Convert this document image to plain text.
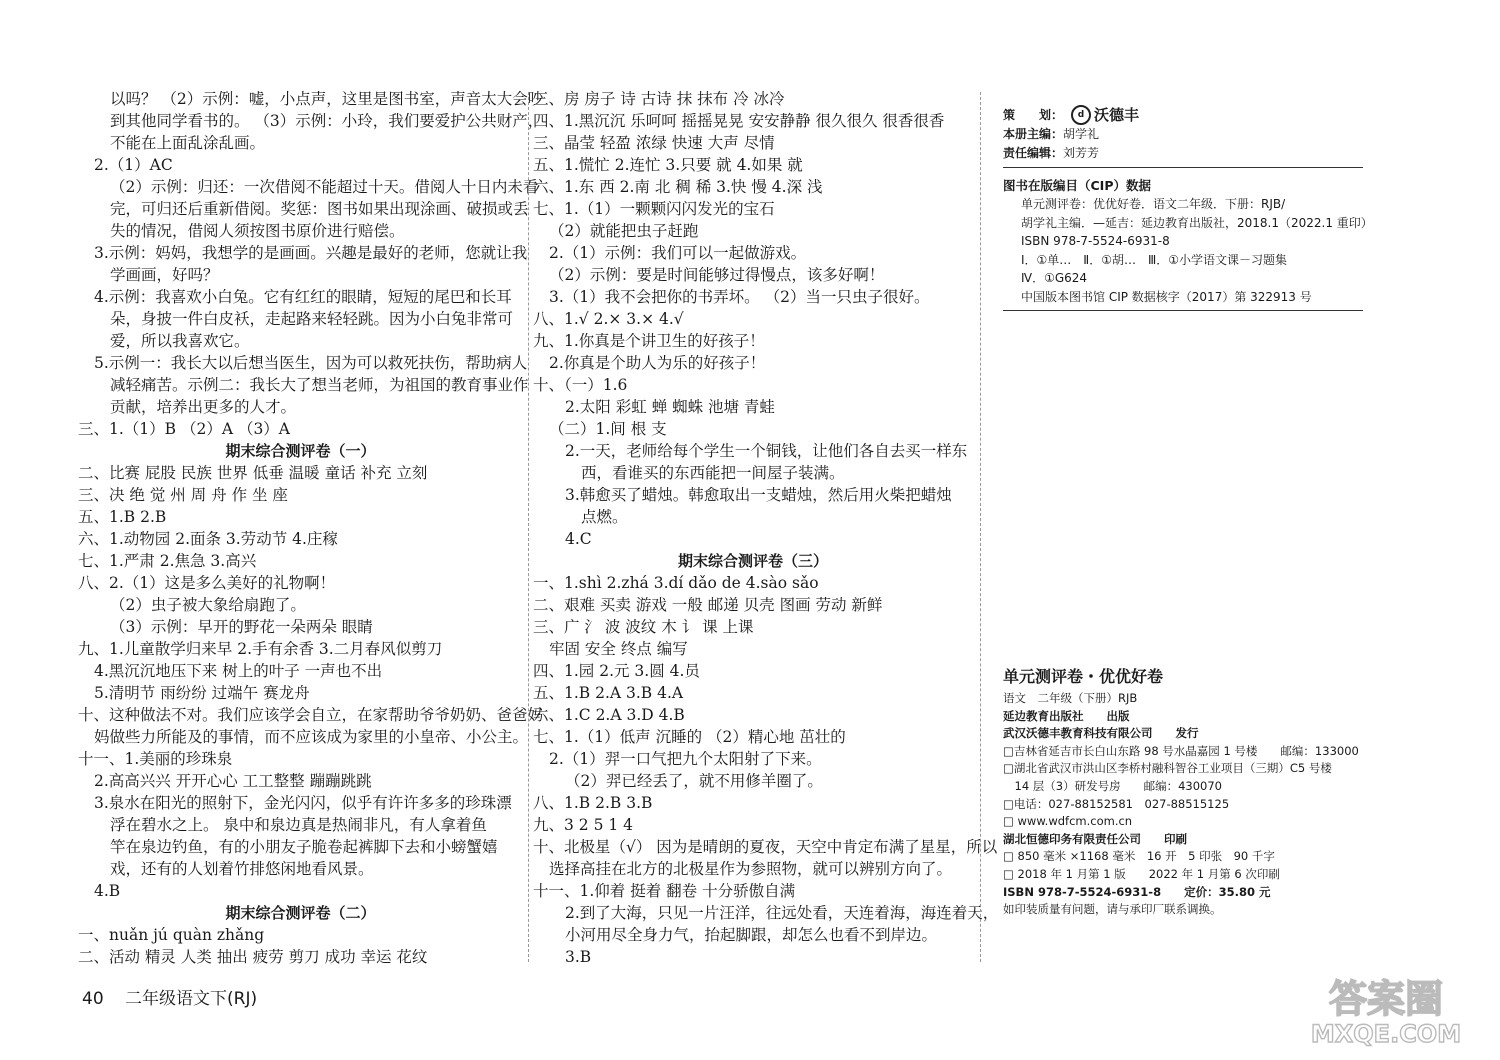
以吗？ （2）示例：嘘，小点声，这里是图书室，声音太大会吵
到其他同学看书的。 （3）示例：小玲，我们要爱护公共财产，
不能在上面乱涂乱画。
2.（1）AC
（2）示例：归还：一次借阅不能超过十天。借阅人十日内未看
完，可归还后重新借阅。奖惩：图书如果出现涂画、破损或丢
失的情况，借阅人须按图书原价进行赔偿。
3.示例：妈妈，我想学的是画画。兴趣是最好的老师，您就让我
学画画，好吗？
4.示例：我喜欢小白兔。它有红红的眼睛，短短的尾巴和长耳
朵，身披一件白皮袄，走起路来轻轻跳。因为小白兔非常可
爱，所以我喜欢它。
5.示例一：我长大以后想当医生，因为可以救死扶伤，帮助病人
减轻痛苦。示例二：我长大了想当老师，为祖国的教育事业作
贡献，培养出更多的人才。
三、1.（1）B （2）A （3）A
期末综合测评卷（一）
二、比赛 屁股 民族 世界 低垂 温暖 童话 补充 立刻
三、决 绝 觉 州 周 舟 作 坐 座
五、1.B 2.B
六、1.动物园 2.面条 3.劳动节 4.庄稼
七、1.严肃 2.焦急 3.高兴
八、2.（1）这是多么美好的礼物啊！
（2）虫子被大象给扇跑了。
（3）示例：早开的野花一朵两朵 眼睛
九、1.儿童散学归来早 2.手有余香 3.二月春风似剪刀
4.黑沉沉地压下来 树上的叶子 一声也不出
5.清明节 雨纷纷 过端午 赛龙舟
十、这种做法不对。我们应该学会自立，在家帮助爷爷奶奶、爸爸妈
妈做些力所能及的事情，而不应该成为家里的小皇帝、小公主。
十一、1.美丽的珍珠泉
2.高高兴兴 开开心心 工工整整 蹦蹦跳跳
3.泉水在阳光的照射下，金光闪闪，似乎有许许多多的珍珠漂
浮在碧水之上。 泉中和泉边真是热闹非凡，有人拿着鱼
竿在泉边钓鱼，有的小朋友子脆卷起裤脚下去和小螃蟹嬉
戏，还有的人划着竹排悠闲地看风景。
4.B
期末综合测评卷（二）
一、nuǎn jú quàn zhǎng
二、活动 精灵 人类 抽出 疲劳 剪刀 成功 幸运 花纹
三、房 房子 诗 古诗 抹 抹布 冷 冰冷
四、1.黑沉沉 乐呵呵 摇摇晃晃 安安静静 很久很久 很香很香
三、晶莹 轻盈 浓绿 快速 大声 尽情
五、1.慌忙 2.连忙 3.只要 就 4.如果 就
六、1.东 西 2.南 北 稠 稀 3.快 慢 4.深 浅
七、1.（1）一颗颗闪闪发光的宝石
（2）就能把虫子赶跑
2.（1）示例：我们可以一起做游戏。
（2）示例：要是时间能够过得慢点，该多好啊！
3.（1）我不会把你的书弄坏。 （2）当一只虫子很好。
八、1.√ 2.× 3.× 4.√
九、1.你真是个讲卫生的好孩子！
2.你真是个助人为乐的好孩子！
十、（一）1.6
2.太阳 彩虹 蝉 蜘蛛 池塘 青蛙
（二）1.间 根 支
2.一天，老师给每个学生一个铜钱，让他们各自去买一样东
西，看谁买的东西能把一间屋子装满。
3.韩愈买了蜡烛。韩愈取出一支蜡烛，然后用火柴把蜡烛
点燃。
4.C
期末综合测评卷（三）
一、1.shì 2.zhá 3.dí dǎo de 4.sào sǎo
二、艰难 买卖 游戏 一般 邮递 贝壳 图画 劳动 新鲜
三、广 氵 波 波纹 木 讠 课 上课
牢固 安全 终点 编写
四、1.园 2.元 3.圆 4.员
五、1.B 2.A 3.B 4.A
六、1.C 2.A 3.D 4.B
七、1.（1）低声 沉睡的 （2）精心地 茁壮的
2.（1）羿一口气把九个太阳射了下来。
（2）羿已经丢了，就不用修羊圈了。
八、1.B 2.B 3.B
九、3 2 5 1 4
十、北极星（√） 因为是晴朗的夏夜，天空中肯定布满了星星，所以
选择高挂在北方的北极星作为参照物，就可以辨别方向了。
十一、1.仰着 挺着 翻卷 十分骄傲自满
2.到了大海，只见一片汪洋，往远处看，天连着海，海连着天，
小河用尽全身力气，抬起脚跟，却怎么也看不到岸边。
3.B
策　　划：	d 沃德丰
本册主编：胡学礼
责任编辑：刘芳芳
图书在版编目（CIP）数据
单元测评卷：优优好卷．语文二年级．下册：RJB/
胡学礼主编．—延吉：延边教育出版社，2018.1（2022.1 重印）
ISBN 978-7-5524-6931-8
Ⅰ．①单…　Ⅱ．①胡…　Ⅲ．①小学语文课－习题集
Ⅳ．①G624
中国版本图书馆 CIP 数据核字（2017）第 322913 号
单元测评卷・优优好卷
语文　二年级（下册）RJB
延边教育出版社　　出版
武汉沃德丰教育科技有限公司　　发行
□吉林省延吉市长白山东路 98 号水晶嘉园 1 号楼　　邮编：133000
□湖北省武汉市洪山区李桥村融科智谷工业项目（三期）C5 号楼
　14 层（3）研发号房　　邮编：430070
□电话：027-88152581　027-88515125
□ www.wdfcm.com.cn
湖北恒德印务有限责任公司　　印刷
□ 850 毫米 ×1168 毫米　16 开　5 印张　90 千字
□ 2018 年 1 月第 1 版　　2022 年 1 月第 6 次印刷
ISBN 978-7-5524-6931-8　　定价：35.80 元
如印装质量有问题，请与承印厂联系调换。
40 二年级语文下(RJ)	答案圈
MXQE.COM
